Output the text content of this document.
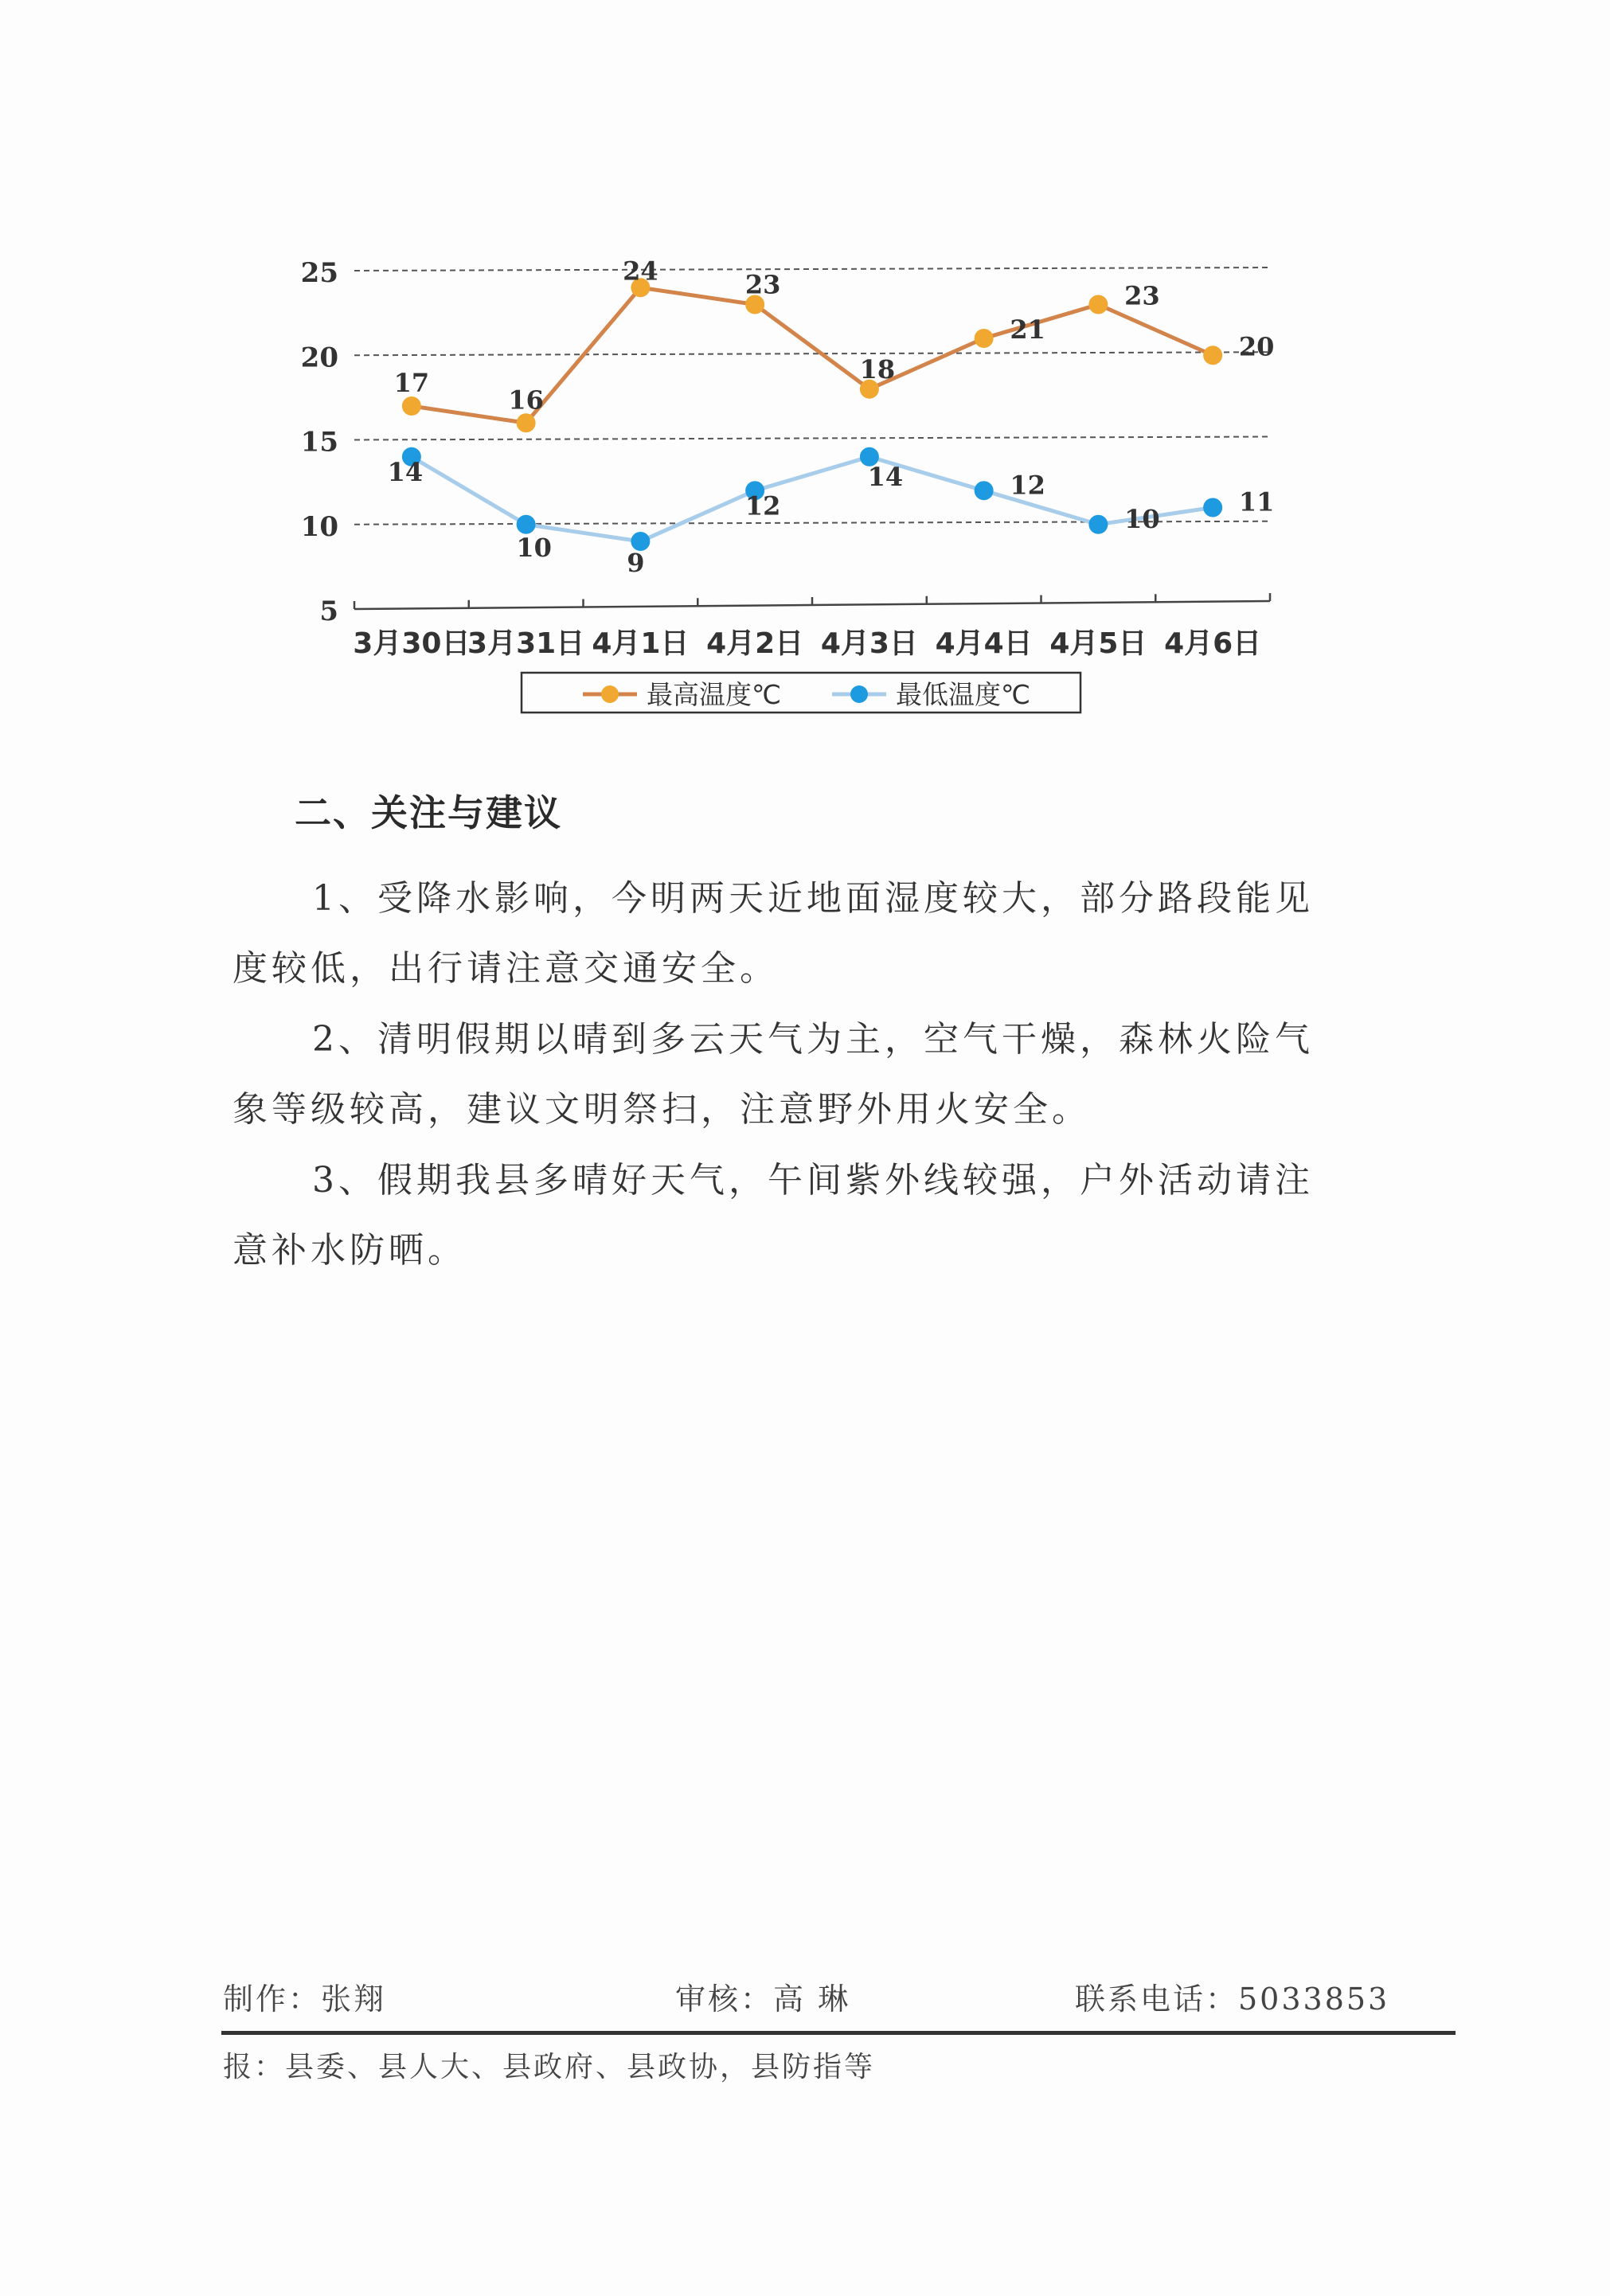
5
10
15
20
25
3月30日
3月31日 4月1日 4月2日 4月3日 4月4日 4月5日 4月6日
17
16
24	23
18
21
23
20
14
10
9
12
14	12
10
11
最高温度℃	最低温度℃
二、关注与建议

1、受降水影响，今明两天近地面湿度较大，部分路段能见度较低，出行请注意交通安全。

2、清明假期以晴到多云天气为主，空气干燥，森林火险气象等级较高，建议文明祭扫，注意野外用火安全。

3、假期我县多晴好天气，午间紫外线较强，户外活动请注意补水防晒。

制作：张翔	审核：高 琳	联系电话：5033853
报：县委、县人大、县政府、县政协，县防指等
